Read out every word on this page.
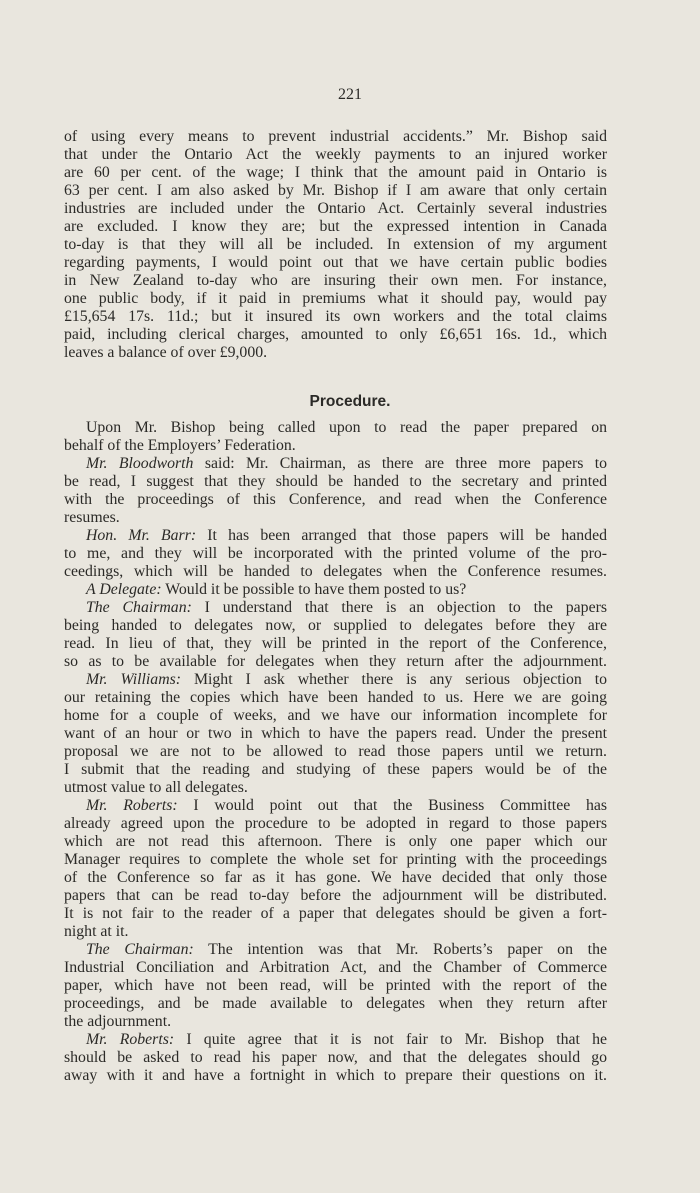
221
of using every means to prevent industrial accidents.” Mr. Bishop said
that under the Ontario Act the weekly payments to an injured worker
are 60 per cent. of the wage; I think that the amount paid in Ontario is
63 per cent. I am also asked by Mr. Bishop if I am aware that only certain
industries are included under the Ontario Act. Certainly several industries
are excluded. I know they are; but the expressed intention in Canada
to-day is that they will all be included. In extension of my argument
regarding payments, I would point out that we have certain public bodies
in New Zealand to-day who are insuring their own men. For instance,
one public body, if it paid in premiums what it should pay, would pay
£15,654 17s. 11d.; but it insured its own workers and the total claims
paid, including clerical charges, amounted to only £6,651 16s. 1d., which
leaves a balance of over £9,000.
Procedure.
Upon Mr. Bishop being called upon to read the paper prepared on
behalf of the Employers’ Federation.
Mr. Bloodworth said: Mr. Chairman, as there are three more papers to
be read, I suggest that they should be handed to the secretary and printed
with the proceedings of this Conference, and read when the Conference
resumes.
Hon. Mr. Barr: It has been arranged that those papers will be handed
to me, and they will be incorporated with the printed volume of the pro-
ceedings, which will be handed to delegates when the Conference resumes.
A Delegate: Would it be possible to have them posted to us?
The Chairman: I understand that there is an objection to the papers
being handed to delegates now, or supplied to delegates before they are
read. In lieu of that, they will be printed in the report of the Conference,
so as to be available for delegates when they return after the adjournment.
Mr. Williams: Might I ask whether there is any serious objection to
our retaining the copies which have been handed to us. Here we are going
home for a couple of weeks, and we have our information incomplete for
want of an hour or two in which to have the papers read. Under the present
proposal we are not to be allowed to read those papers until we return.
I submit that the reading and studying of these papers would be of the
utmost value to all delegates.
Mr. Roberts: I would point out that the Business Committee has
already agreed upon the procedure to be adopted in regard to those papers
which are not read this afternoon. There is only one paper which our
Manager requires to complete the whole set for printing with the proceedings
of the Conference so far as it has gone. We have decided that only those
papers that can be read to-day before the adjournment will be distributed.
It is not fair to the reader of a paper that delegates should be given a fort-
night at it.
The Chairman: The intention was that Mr. Roberts’s paper on the
Industrial Conciliation and Arbitration Act, and the Chamber of Commerce
paper, which have not been read, will be printed with the report of the
proceedings, and be made available to delegates when they return after
the adjournment.
Mr. Roberts: I quite agree that it is not fair to Mr. Bishop that he
should be asked to read his paper now, and that the delegates should go
away with it and have a fortnight in which to prepare their questions on it.
